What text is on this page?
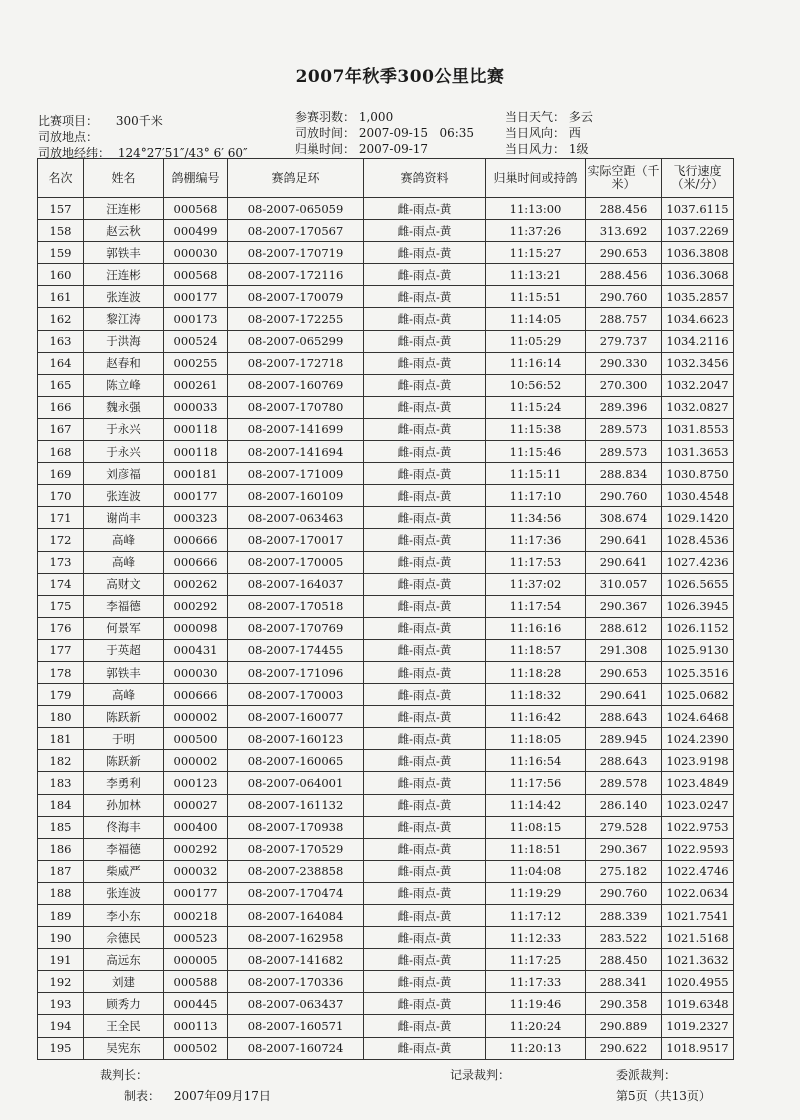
2007年秋季300公里比赛
比赛项目： 300千米
司放地点：
司放地经纬： 124°27′51″/43° 6′ 60″
参赛羽数： 1,000
司放时间： 2007-09-15   06:35
归巢时间： 2007-09-17
当日天气： 多云
当日风向： 西
当日风力： 1级
名次	姓名	鸽棚编号	赛鸽足环	赛鸽资料	归巢时间或持鸽	实际空距（千米）	飞行速度（米/分）
157	汪连彬	000568	08-2007-065059	雌-雨点-黄	11:13:00	288.456	1037.6115
158	赵云秋	000499	08-2007-170567	雌-雨点-黄	11:37:26	313.692	1037.2269
159	郭铁丰	000030	08-2007-170719	雌-雨点-黄	11:15:27	290.653	1036.3808
160	汪连彬	000568	08-2007-172116	雌-雨点-黄	11:13:21	288.456	1036.3068
161	张连波	000177	08-2007-170079	雌-雨点-黄	11:15:51	290.760	1035.2857
162	黎江涛	000173	08-2007-172255	雌-雨点-黄	11:14:05	288.757	1034.6623
163	于洪海	000524	08-2007-065299	雌-雨点-黄	11:05:29	279.737	1034.2116
164	赵春和	000255	08-2007-172718	雌-雨点-黄	11:16:14	290.330	1032.3456
165	陈立峰	000261	08-2007-160769	雌-雨点-黄	10:56:52	270.300	1032.2047
166	魏永强	000033	08-2007-170780	雌-雨点-黄	11:15:24	289.396	1032.0827
167	于永兴	000118	08-2007-141699	雌-雨点-黄	11:15:38	289.573	1031.8553
168	于永兴	000118	08-2007-141694	雌-雨点-黄	11:15:46	289.573	1031.3653
169	刘彦福	000181	08-2007-171009	雌-雨点-黄	11:15:11	288.834	1030.8750
170	张连波	000177	08-2007-160109	雌-雨点-黄	11:17:10	290.760	1030.4548
171	谢尚丰	000323	08-2007-063463	雌-雨点-黄	11:34:56	308.674	1029.1420
172	高峰	000666	08-2007-170017	雌-雨点-黄	11:17:36	290.641	1028.4536
173	高峰	000666	08-2007-170005	雌-雨点-黄	11:17:53	290.641	1027.4236
174	高财文	000262	08-2007-164037	雌-雨点-黄	11:37:02	310.057	1026.5655
175	李福德	000292	08-2007-170518	雌-雨点-黄	11:17:54	290.367	1026.3945
176	何景军	000098	08-2007-170769	雌-雨点-黄	11:16:16	288.612	1026.1152
177	于英超	000431	08-2007-174455	雌-雨点-黄	11:18:57	291.308	1025.9130
178	郭铁丰	000030	08-2007-171096	雌-雨点-黄	11:18:28	290.653	1025.3516
179	高峰	000666	08-2007-170003	雌-雨点-黄	11:18:32	290.641	1025.0682
180	陈跃新	000002	08-2007-160077	雌-雨点-黄	11:16:42	288.643	1024.6468
181	于明	000500	08-2007-160123	雌-雨点-黄	11:18:05	289.945	1024.2390
182	陈跃新	000002	08-2007-160065	雌-雨点-黄	11:16:54	288.643	1023.9198
183	李勇利	000123	08-2007-064001	雌-雨点-黄	11:17:56	289.578	1023.4849
184	孙加林	000027	08-2007-161132	雌-雨点-黄	11:14:42	286.140	1023.0247
185	佟海丰	000400	08-2007-170938	雌-雨点-黄	11:08:15	279.528	1022.9753
186	李福德	000292	08-2007-170529	雌-雨点-黄	11:18:51	290.367	1022.9593
187	柴威严	000032	08-2007-238858	雌-雨点-黄	11:04:08	275.182	1022.4746
188	张连波	000177	08-2007-170474	雌-雨点-黄	11:19:29	290.760	1022.0634
189	李小东	000218	08-2007-164084	雌-雨点-黄	11:17:12	288.339	1021.7541
190	佘德民	000523	08-2007-162958	雌-雨点-黄	11:12:33	283.522	1021.5168
191	高远东	000005	08-2007-141682	雌-雨点-黄	11:17:25	288.450	1021.3632
192	刘建	000588	08-2007-170336	雌-雨点-黄	11:17:33	288.341	1020.4955
193	顾秀力	000445	08-2007-063437	雌-雨点-黄	11:19:46	290.358	1019.6348
194	王全民	000113	08-2007-160571	雌-雨点-黄	11:20:24	290.889	1019.2327
195	吴宪东	000502	08-2007-160724	雌-雨点-黄	11:20:13	290.622	1018.9517
裁判长：	记录裁判：	委派裁判：
制表： 2007年09月17日	第5页（共13页）
